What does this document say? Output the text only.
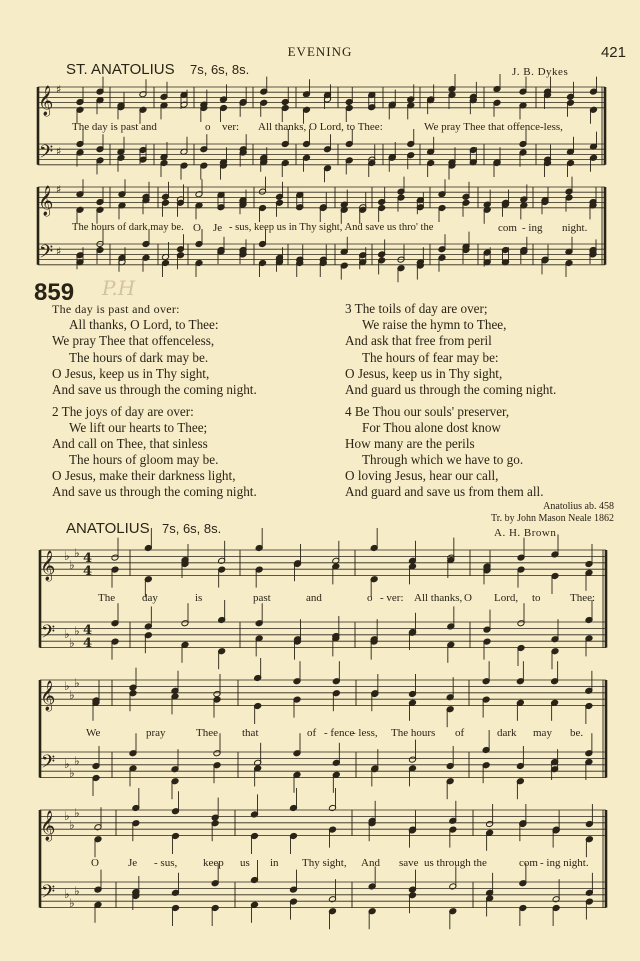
EVENING	421
ST. ANATOLIUS 7s, 6s, 8s.	J. B. Dykes
𝄞
𝄢
♯
♯
The day is past and	o ver: All thanks, O Lord, to Thee:	We pray Thee that offence-less,
𝄞
𝄢
♯
♯
The hours of dark may be. O Je - sus, keep us in Thy sight, And save us thro' the	com - ing night.
859 P.H
The day is past and over:
All thanks, O Lord, to Thee:
We pray Thee that offenceless,
The hours of dark may be.
O Jesus, keep us in Thy sight,
And save us through the coming night.
2 The joys of day are over:
We lift our hearts to Thee;
And call on Thee, that sinless
The hours of gloom may be.
O Jesus, make their darkness light,
And save us through the coming night.
3 The toils of day are over;
We raise the hymn to Thee,
And ask that free from peril
The hours of fear may be:
O Jesus, keep us in Thy sight,
And guard us through the coming night.
4 Be Thou our souls' preserver,
For Thou alone dost know
How many are the perils
Through which we have to go.
O loving Jesus, hear our call,
And guard and save us from them all.
Anatolius ab. 458
Tr. by John Mason Neale 1862
ANATOLIUS 7s, 6s, 8s.	A. H. Brown
𝄞
𝄢
♭
♭
♭
♭
♭
♭
4
4
4
4
The day	is	past	and	o - ver: All thanks, O Lord, to	Thee:
𝄞
𝄢
♭
♭
♭
♭
♭
♭
We	pray	Thee that	of - fence
- less, The hours of	dark may be.
𝄞
𝄢
♭
♭
♭
♭
♭
♭
O	Je - sus, keep us in Thy sight, And save us through the	com - ing night.
